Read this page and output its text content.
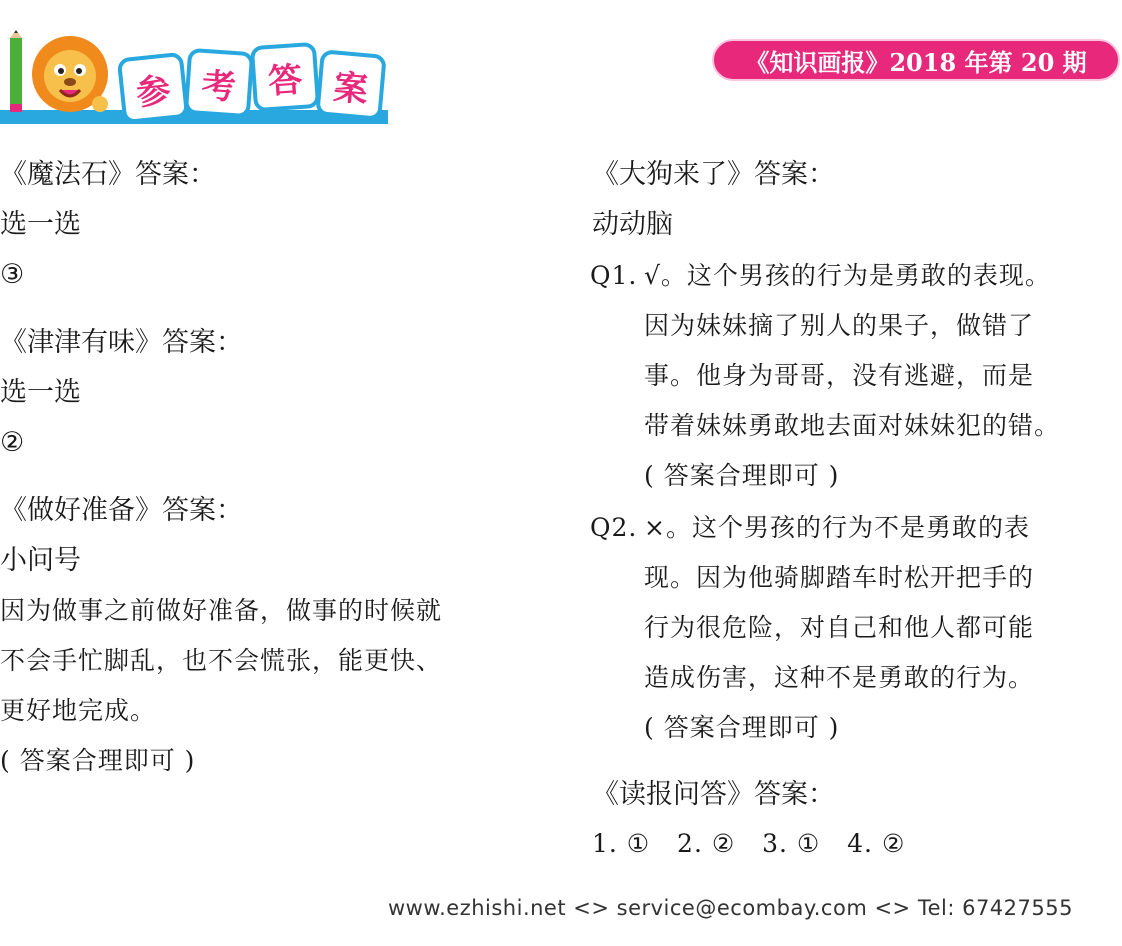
参 考 答 案
《知识画报》2018 年第 20 期
《魔法石》答案：
选一选
③
《津津有味》答案：
选一选
②
《做好准备》答案：
小问号
因为做事之前做好准备，做事的时候就
不会手忙脚乱，也不会慌张，能更快、
更好地完成。
( 答案合理即可 )
《大狗来了》答案：
动动脑
Q1. √。这个男孩的行为是勇敢的表现。
因为妹妹摘了别人的果子，做错了
事。他身为哥哥，没有逃避，而是
带着妹妹勇敢地去面对妹妹犯的错。
( 答案合理即可 )
Q2. ×。这个男孩的行为不是勇敢的表
现。因为他骑脚踏车时松开把手的
行为很危险，对自己和他人都可能
造成伤害，这种不是勇敢的行为。
( 答案合理即可 )
《读报问答》答案：
1. ①   2. ②   3. ①   4. ②
www.ezhishi.net <> service@ecombay.com <> Tel: 67427555
